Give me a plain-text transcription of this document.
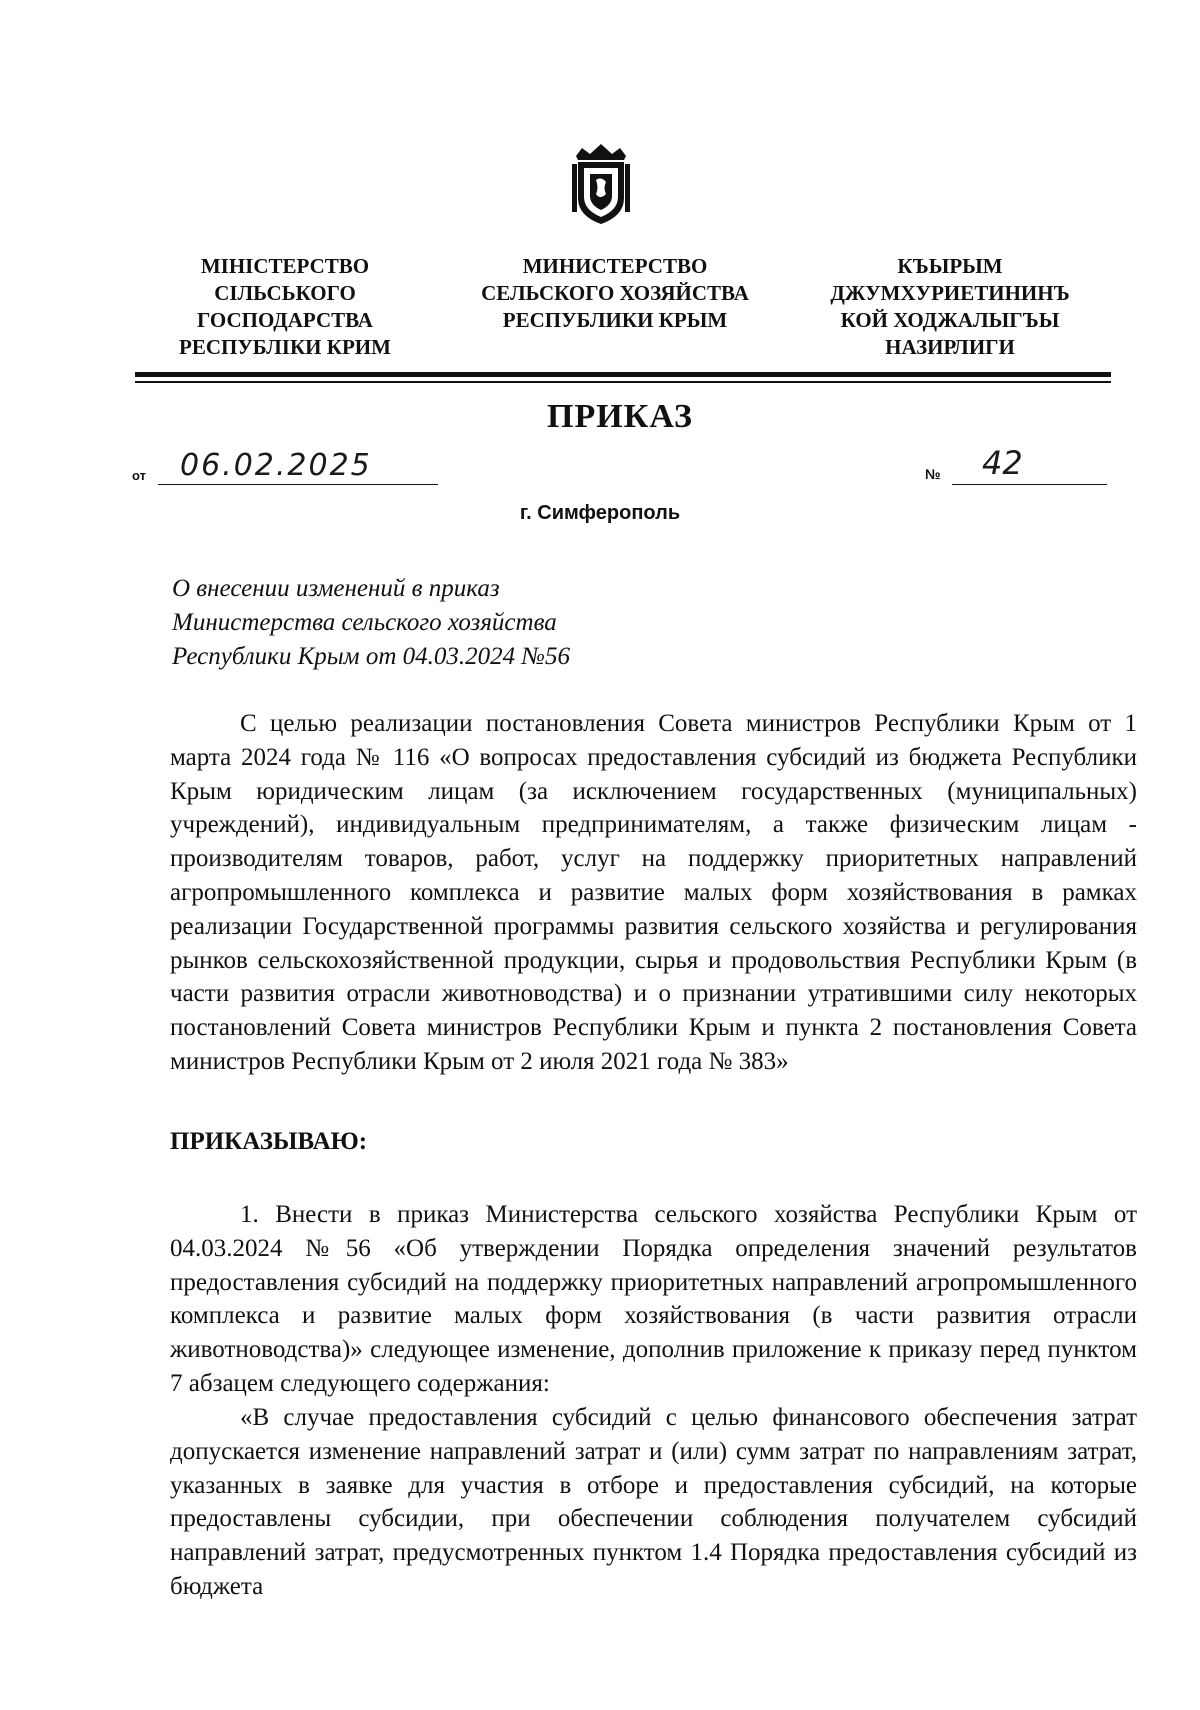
МІНІСТЕРСТВО
СІЛЬСЬКОГО
ГОСПОДАРСТВА
РЕСПУБЛІКИ КРИМ
МИНИСТЕРСТВО
СЕЛЬСКОГО ХОЗЯЙСТВА
РЕСПУБЛИКИ КРЫМ
КЪЫРЫМ
ДЖУМХУРИЕТИНИНЪ
КОЙ ХОДЖАЛЫГЪЫ
НАЗИРЛИГИ
ПРИКАЗ
от 06.02.2025	№ 42
г. Симферополь
О внесении изменений в приказ
Министерства сельского хозяйства
Республики Крым от 04.03.2024 №56

С целью реализации постановления Совета министров Республики Крым от 1 марта 2024 года № 116 «О вопросах предоставления субсидий из бюджета Республики Крым юридическим лицам (за исключением государственных (муниципальных) учреждений), индивидуальным предпринимателям, а также физическим лицам - производителям товаров, работ, услуг на поддержку приоритетных направлений агропромышленного комплекса и развитие малых форм хозяйствования в рамках реализации Государственной программы развития сельского хозяйства и регулирования рынков сельскохозяйственной продукции, сырья и продовольствия Республики Крым (в части развития отрасли животноводства) и о признании утратившими силу некоторых постановлений Совета министров Республики Крым и пункта 2 постановления Совета министров Республики Крым от 2 июля 2021 года № 383»

ПРИКАЗЫВАЮ:

1. Внести в приказ Министерства сельского хозяйства Республики Крым от 04.03.2024 №56 «Об утверждении Порядка определения значений результатов предоставления субсидий на поддержку приоритетных направлений агропромышленного комплекса и развитие малых форм хозяйствования (в части развития отрасли животноводства)» следующее изменение, дополнив приложение к приказу перед пунктом 7 абзацем следующего содержания:

«В случае предоставления субсидий с целью финансового обеспечения затрат допускается изменение направлений затрат и (или) сумм затрат по направлениям затрат, указанных в заявке для участия в отборе и предоставления субсидий, на которые предоставлены субсидии, при обеспечении соблюдения получателем субсидий направлений затрат, предусмотренных пунктом 1.4 Порядка предоставления субсидий из бюджета
